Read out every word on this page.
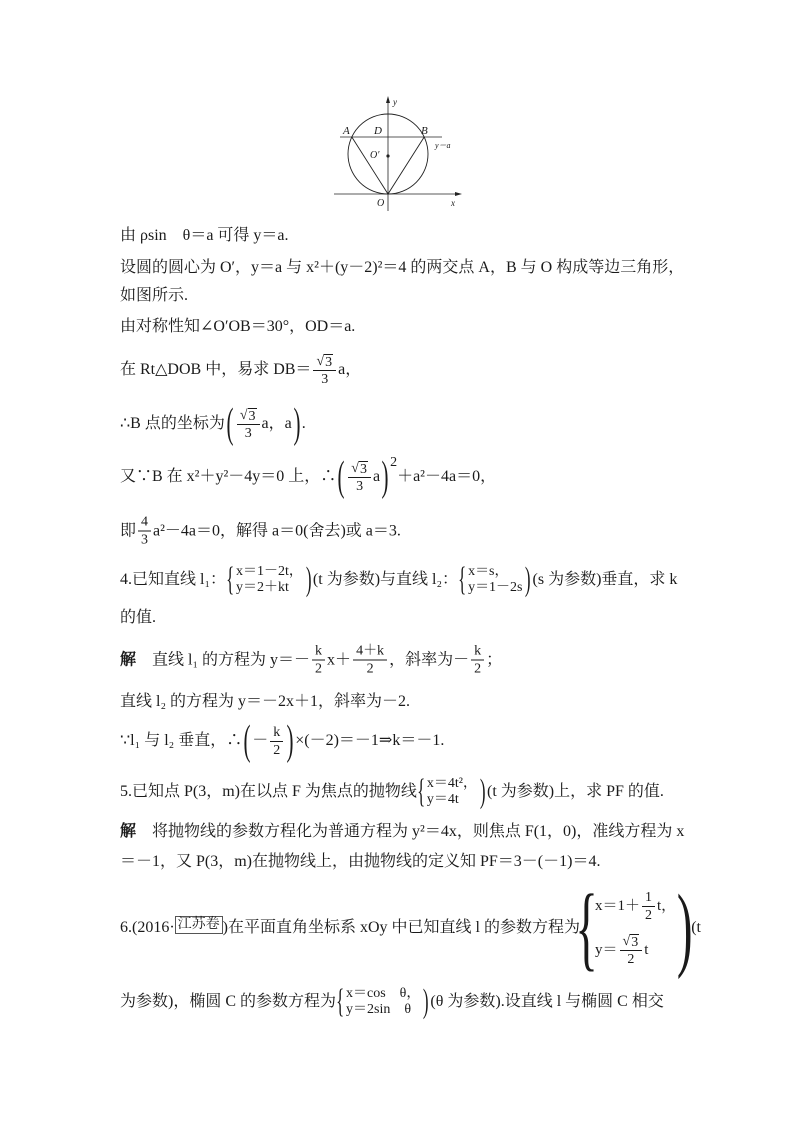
y
x
A D	B
y＝a
O′
O
由 ρsin　θ＝a 可得 y＝a.
设圆的圆心为 O′，y＝a 与 x²＋(y－2)²＝4 的两交点 A，B 与 O 构成等边三角形，
如图所示.
由对称性知∠O′OB＝30°，OD＝a.
在 Rt△DOB 中，易求 $DB= \frac{√ 3}{3}$ a，
∴B 点的坐标为 ( $\frac{√ 3}{3}$ a，a ) .
又∵B 在 x²＋y²－4y＝0 上，∴ ( $\frac{√ 3}{3}$ a ) 2
＋a²－4a＝0，
即 $\frac{4}{3} a^2-4a=0$，解得 a＝0(舍去)或 a＝3.
4.已知直线 l₁： { x＝1－2t，
y＝2＋kt ) (t 为参数)与直线 l₂： { x＝s，
y＝1－2s ) (s 为参数)垂直，求 k
的值.
解 　直线 l₁ 的方程为 $y=- \frac{k}{2} x+ \frac{4+k}{2}$ ，斜率为－ $\frac{k}{2}$ ；
直线 l₂ 的方程为 y＝－2x＋1，斜率为－2.
∵l₁ 与 l₂ 垂直，∴ ( － $\frac{k}{2}$ ) ×(－2)＝－1⇒k＝－1.
5.已知点 P(3，m)在以点 F 为焦点的抛物线 { x＝4t²，
y＝4t ) (t 为参数)上，求 PF 的值.
解 　将抛物线的参数方程化为普通方程为 y²＝4x，则焦点 F(1，0)，准线方程为 x
＝－1，又 P(3，m)在抛物线上，由抛物线的定义知 PF＝3－(－1)＝4.
6.(2016· 江苏卷 )在平面直角坐标系 xOy 中已知直线 l 的参数方程为
{
$x=1+ \frac{1}{2}$ t，
$y= \frac{√ 3}{2}$ t ) (t
为参数)，椭圆 C 的参数方程为 { x＝cos　θ，
y＝2sin　θ ) (θ 为参数).设直线 l 与椭圆 C 相交
